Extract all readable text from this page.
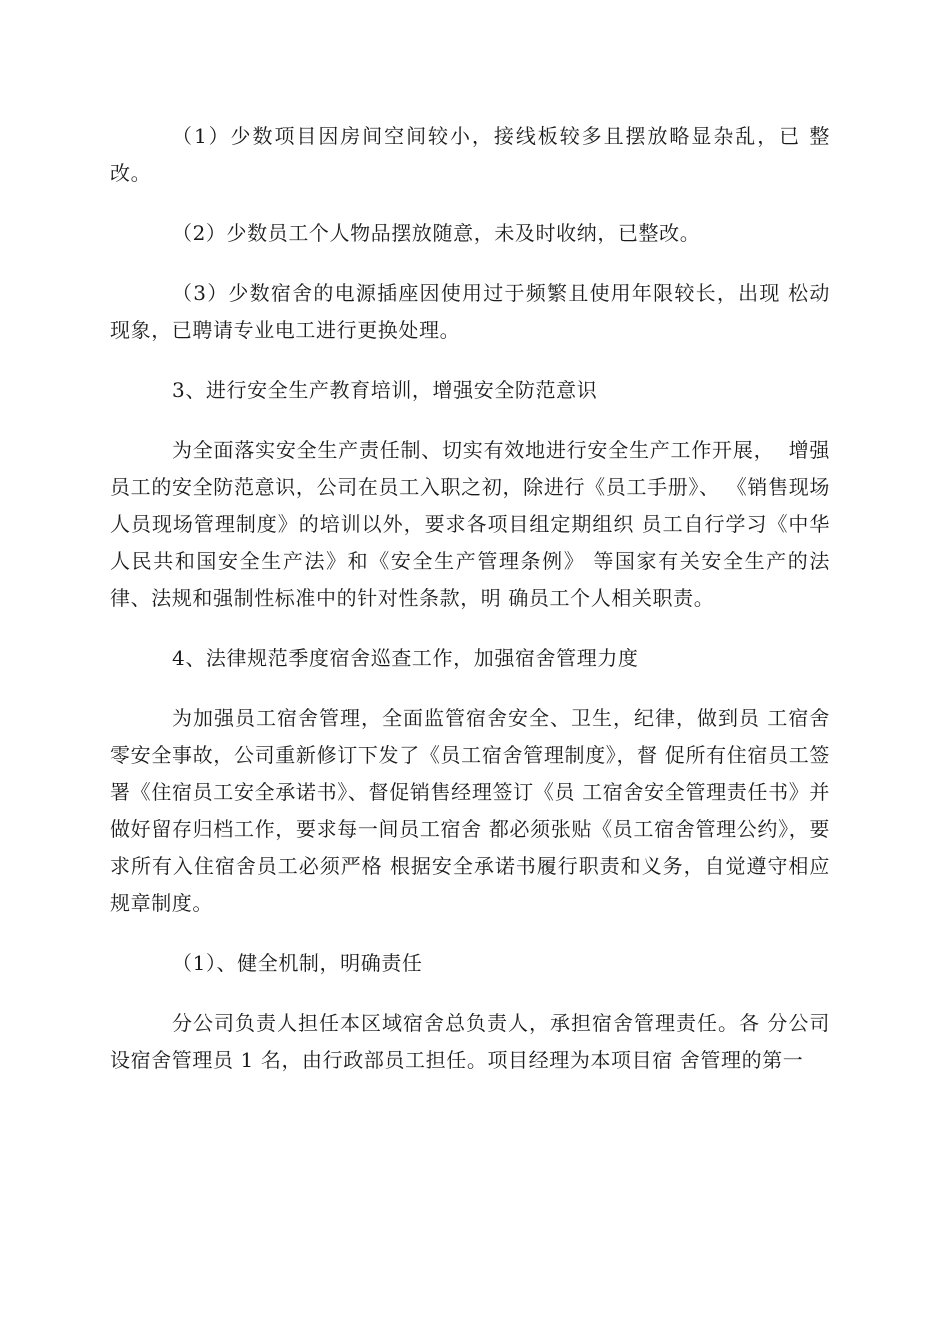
（1）少数项目因房间空间较小，接线板较多且摆放略显杂乱，已 整改。

（2）少数员工个人物品摆放随意，未及时收纳，已整改。

（3）少数宿舍的电源插座因使用过于频繁且使用年限较长，出现 松动现象，已聘请专业电工进行更换处理。

3、进行安全生产教育培训，增强安全防范意识

为全面落实安全生产责任制、切实有效地进行安全生产工作开展，  增强员工的安全防范意识，公司在员工入职之初，除进行《员工手册》、 《销售现场人员现场管理制度》的培训以外，要求各项目组定期组织 员工自行学习《中华人民共和国安全生产法》和《安全生产管理条例》 等国家有关安全生产的法律、法规和强制性标准中的针对性条款，明 确员工个人相关职责。

4、法律规范季度宿舍巡查工作，加强宿舍管理力度

为加强员工宿舍管理，全面监管宿舍安全、卫生，纪律，做到员 工宿舍零安全事故，公司重新修订下发了《员工宿舍管理制度》，督 促所有住宿员工签署《住宿员工安全承诺书》、督促销售经理签订《员 工宿舍安全管理责任书》并做好留存归档工作，要求每一间员工宿舍 都必须张贴《员工宿舍管理公约》，要求所有入住宿舍员工必须严格 根据安全承诺书履行职责和义务，自觉遵守相应规章制度。

（1）、健全机制，明确责任

分公司负责人担任本区域宿舍总负责人，承担宿舍管理责任。各 分公司设宿舍管理员 1 名，由行政部员工担任。项目经理为本项目宿 舍管理的第一
